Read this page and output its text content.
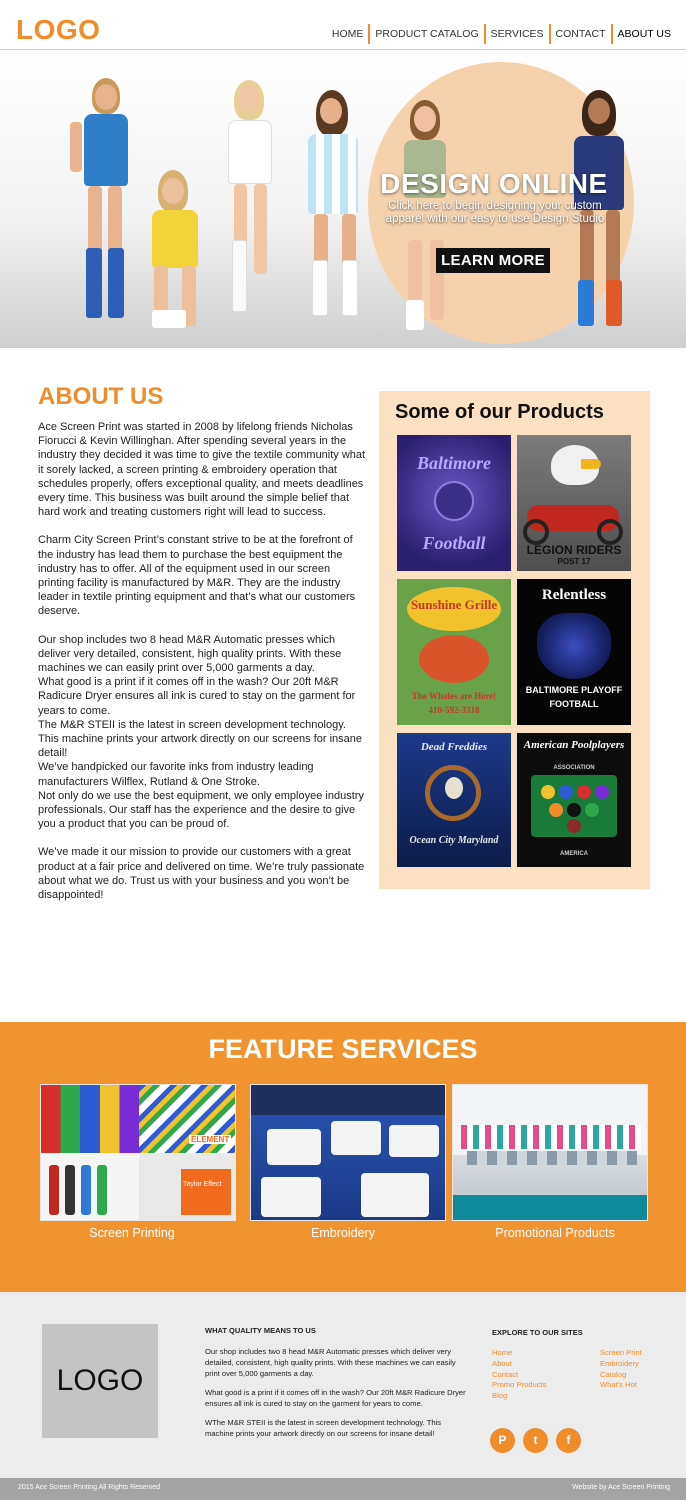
LOGO	HOME	PRODUCT CATALOG	SERVICES	CONTACT	ABOUT US
DESIGN ONLINE
Click here to begin designing your custom apparel with our easy to use Design Studio
LEARN MORE
ABOUT US

Ace Screen Print was started in 2008 by lifelong friends Nicholas Fiorucci & Kevin Willinghan. After spending several years in the industry they decided it was time to give the textile community what it sorely lacked, a screen printing & embroidery operation that schedules properly, offers exceptional quality, and meets deadlines every time. This business was built around the simple belief that hard work and treating customers right will lead to success.

Charm City Screen Print’s constant strive to be at the forefront of the industry has lead them to purchase the best equipment the industry has to offer. All of the equipment used in our screen printing facility is manufactured by M&R. They are the industry leader in textile printing equipment and that’s what our customers deserve.

Our shop includes two 8 head M&R Automatic presses which deliver very detailed, consistent, high quality prints. With these machines we can easily print over 5,000 garments a day.
What good is a print if it comes off in the wash? Our 20ft M&R Radicure Dryer ensures all ink is cured to stay on the garment for years to come.
The M&R STEII is the latest in screen development technology. This machine prints your artwork directly on our screens for insane detail!
We’ve handpicked our favorite inks from industry leading manufacturers Wilflex, Rutland & One Stroke.

Not only do we use the best equipment, we only employee industry professionals. Our staff has the experience and the desire to give you a product that you can be proud of.

We’ve made it our mission to provide our customers with a great product at a fair price and delivered on time. We’re truly passionate about what we do. Trust us with your business and you won’t be disappointed!

Some of our Products
Baltimore
Football	LEGION RIDERS
POST 17
Sunshine Grille
The Whales are Here!
410-592-3318
Relentless
BALTIMORE PLAYOFF
FOOTBALL
Dead Freddies
Ocean City Maryland
American Poolplayers
ASSOCIATION
AMERICA
FEATURE SERVICES
Taylor Effect
ELEMENT
Screen Printing	Embroidery	Promotional Products
LOGO
WHAT QUALITY MEANS TO US

Our shop includes two 8 head M&R Automatic presses which deliver very detailed, consistent, high quality prints. With these machines we can easily print over 5,000 garments a day.

What good is a print if it comes off in the wash? Our 20ft M&R Radicure Dryer ensures all ink is cured to stay on the garment for years to come.

WThe M&R STEII is the latest in screen development technology. This machine prints your artwork directly on our screens for insane detail!

EXPLORE TO OUR SITES
Home
About
Contact
Promo Products
Blog
Screen Print
Embroidery
Catalog
What's Hot
P	t	f
2015 Ace Screen Printing All Rights Reserved	Website by Ace Screen Printing
